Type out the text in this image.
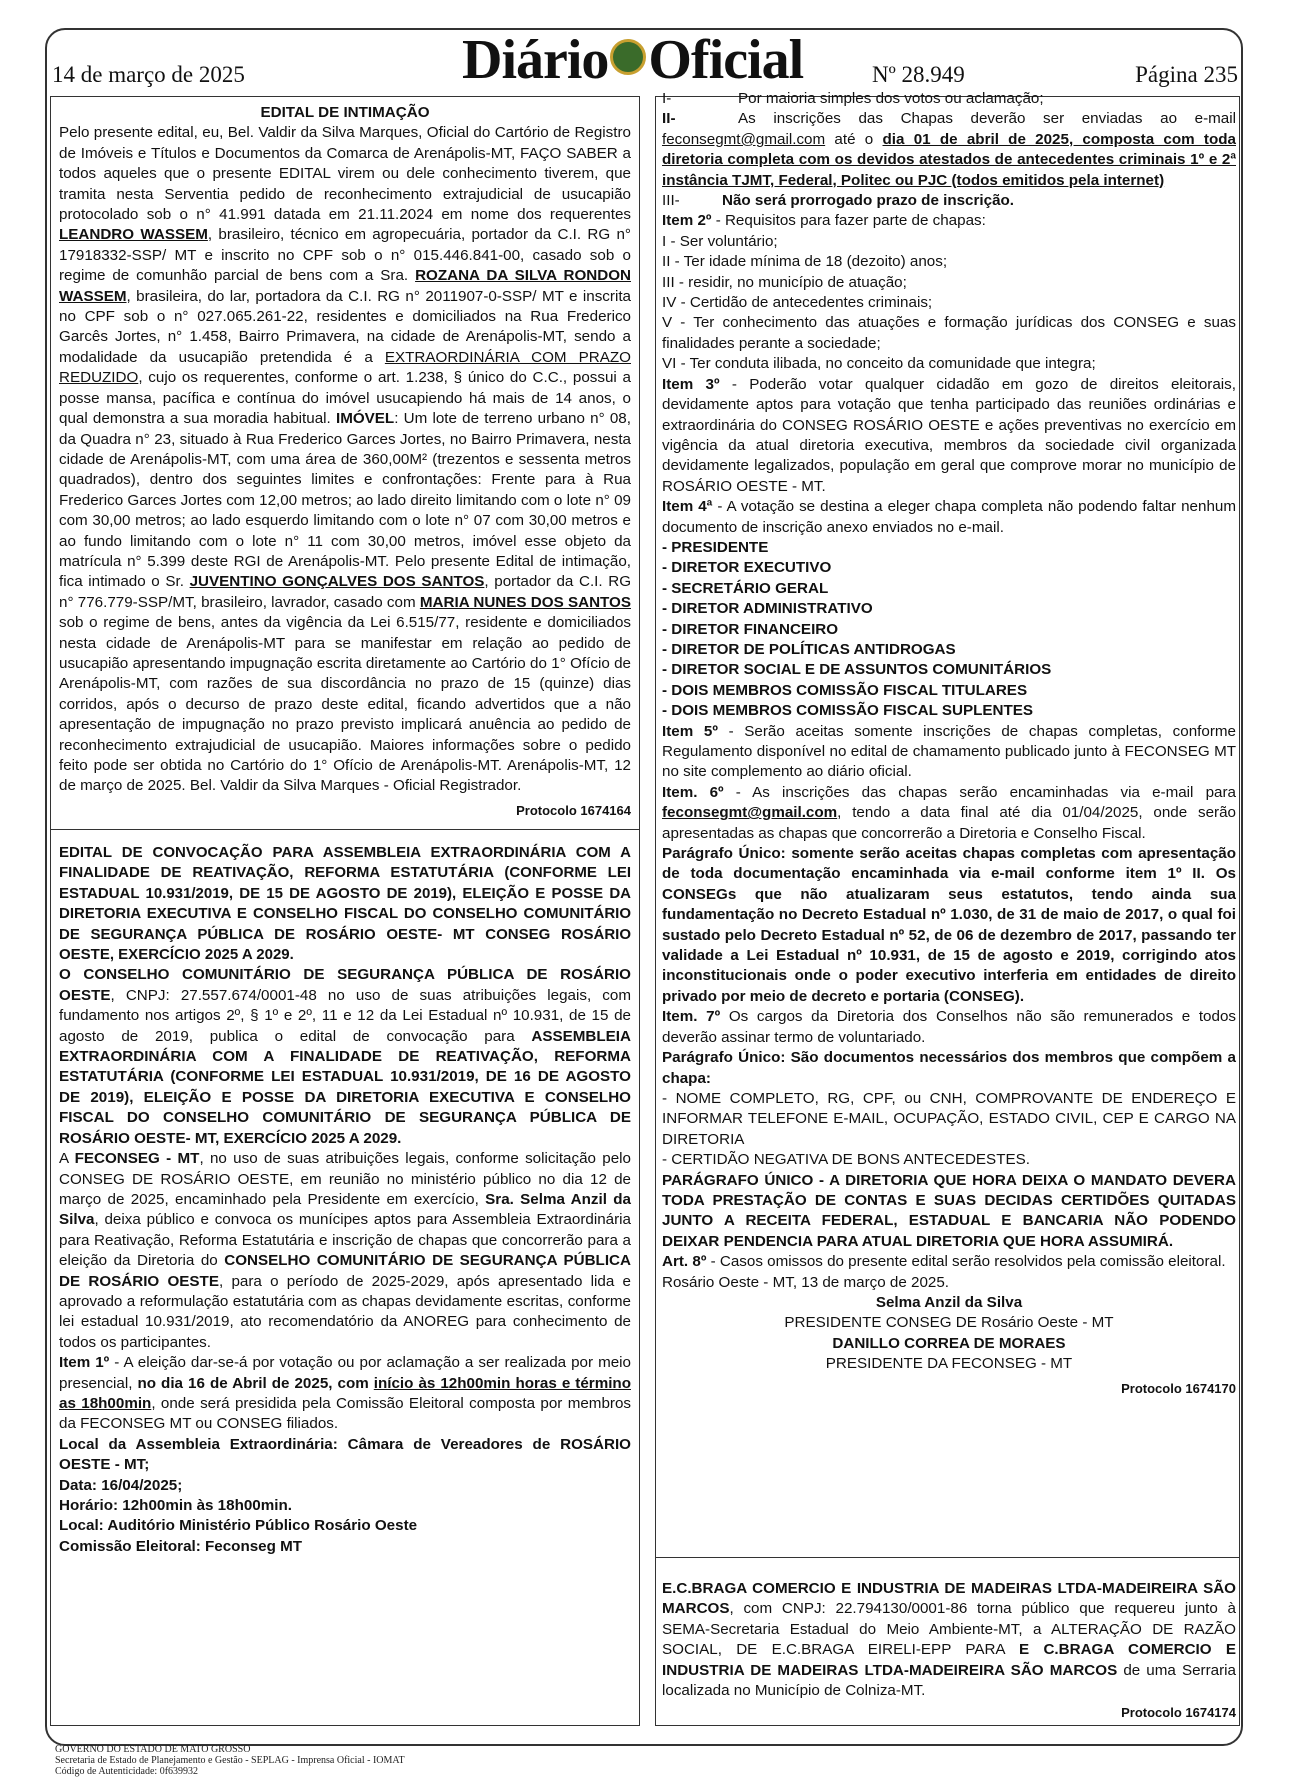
14 de março de 2025	Diário Oficial	Nº 28.949	Página 235

EDITAL DE INTIMAÇÃO

Pelo presente edital, eu, Bel. Valdir da Silva Marques, Oficial do Cartório de Registro de Imóveis e Títulos e Documentos da Comarca de Arenápolis-MT, FAÇO SABER a todos aqueles que o presente EDITAL virem ou dele conhecimento tiverem, que tramita nesta Serventia pedido de reconhecimento extrajudicial de usucapião protocolado sob o n° 41.991 datada em 21.11.2024 em nome dos requerentes LEANDRO WASSEM, brasileiro, técnico em agropecuária, portador da C.I. RG n° 17918332-SSP/ MT e inscrito no CPF sob o n° 015.446.841-00, casado sob o regime de comunhão parcial de bens com a Sra. ROZANA DA SILVA RONDON WASSEM, brasileira, do lar, portadora da C.I. RG n° 2011907-0-SSP/ MT e inscrita no CPF sob o n° 027.065.261-22, residentes e domiciliados na Rua Frederico Garcês Jortes, n° 1.458, Bairro Primavera, na cidade de Arenápolis-MT, sendo a modalidade da usucapião pretendida é a EXTRAORDINÁRIA COM PRAZO REDUZIDO, cujo os requerentes, conforme o art. 1.238, § único do C.C., possui a posse mansa, pacífica e contínua do imóvel usucapiendo há mais de 14 anos, o qual demonstra a sua moradia habitual. IMÓVEL: Um lote de terreno urbano n° 08, da Quadra n° 23, situado à Rua Frederico Garces Jortes, no Bairro Primavera, nesta cidade de Arenápolis-MT, com uma área de 360,00M² (trezentos e sessenta metros quadrados), dentro dos seguintes limites e confrontações: Frente para à Rua Frederico Garces Jortes com 12,00 metros; ao lado direito limitando com o lote n° 09 com 30,00 metros; ao lado esquerdo limitando com o lote n° 07 com 30,00 metros e ao fundo limitando com o lote n° 11 com 30,00 metros, imóvel esse objeto da matrícula n° 5.399 deste RGI de Arenápolis-MT. Pelo presente Edital de intimação, fica intimado o Sr. JUVENTINO GONÇALVES DOS SANTOS, portador da C.I. RG n° 776.779-SSP/MT, brasileiro, lavrador, casado com MARIA NUNES DOS SANTOS sob o regime de bens, antes da vigência da Lei 6.515/77, residente e domiciliados nesta cidade de Arenápolis-MT para se manifestar em relação ao pedido de usucapião apresentando impugnação escrita diretamente ao Cartório do 1° Ofício de Arenápolis-MT, com razões de sua discordância no prazo de 15 (quinze) dias corridos, após o decurso de prazo deste edital, ficando advertidos que a não apresentação de impugnação no prazo previsto implicará anuência ao pedido de reconhecimento extrajudicial de usucapião. Maiores informações sobre o pedido feito pode ser obtida no Cartório do 1° Ofício de Arenápolis-MT. Arenápolis-MT, 12 de março de 2025. Bel. Valdir da Silva Marques - Oficial Registrador.

Protocolo 1674164

EDITAL DE CONVOCAÇÃO PARA ASSEMBLEIA EXTRAORDINÁRIA COM A FINALIDADE DE REATIVAÇÃO, REFORMA ESTATUTÁRIA (CONFORME LEI ESTADUAL 10.931/2019, DE 15 DE AGOSTO DE 2019), ELEIÇÃO E POSSE DA DIRETORIA EXECUTIVA E CONSELHO FISCAL DO CONSELHO COMUNITÁRIO DE SEGURANÇA PÚBLICA DE ROSÁRIO OESTE- MT CONSEG ROSÁRIO OESTE, EXERCÍCIO 2025 A 2029.

O CONSELHO COMUNITÁRIO DE SEGURANÇA PÚBLICA DE ROSÁRIO OESTE, CNPJ: 27.557.674/0001-48 no uso de suas atribuições legais, com fundamento nos artigos 2º, § 1º e 2º, 11 e 12 da Lei Estadual nº 10.931, de 15 de agosto de 2019, publica o edital de convocação para ASSEMBLEIA EXTRAORDINÁRIA COM A FINALIDADE DE REATIVAÇÃO, REFORMA ESTATUTÁRIA (CONFORME LEI ESTADUAL 10.931/2019, DE 16 DE AGOSTO DE 2019), ELEIÇÃO E POSSE DA DIRETORIA EXECUTIVA E CONSELHO FISCAL DO CONSELHO COMUNITÁRIO DE SEGURANÇA PÚBLICA DE ROSÁRIO OESTE- MT, EXERCÍCIO 2025 A 2029.

A FECONSEG - MT, no uso de suas atribuições legais, conforme solicitação pelo CONSEG DE ROSÁRIO OESTE, em reunião no ministério público no dia 12 de março de 2025, encaminhado pela Presidente em exercício, Sra. Selma Anzil da Silva, deixa público e convoca os munícipes aptos para Assembleia Extraordinária para Reativação, Reforma Estatutária e inscrição de chapas que concorrerão para a eleição da Diretoria do CONSELHO COMUNITÁRIO DE SEGURANÇA PÚBLICA DE ROSÁRIO OESTE, para o período de 2025-2029, após apresentado lida e aprovado a reformulação estatutária com as chapas devidamente escritas, conforme lei estadual 10.931/2019, ato recomendatório da ANOREG para conhecimento de todos os participantes.

Item 1º - A eleição dar-se-á por votação ou por aclamação a ser realizada por meio presencial, no dia 16 de Abril de 2025, com início às 12h00min horas e término as 18h00min, onde será presidida pela Comissão Eleitoral composta por membros da FECONSEG MT ou CONSEG filiados.

Local da Assembleia Extraordinária: Câmara de Vereadores de ROSÁRIO OESTE - MT;

Data: 16/04/2025;

Horário: 12h00min às 18h00min.

Local: Auditório Ministério Público Rosário Oeste

Comissão Eleitoral: Feconseg MT

I-	Por maioria simples dos votos ou aclamação;

II-	As inscrições das Chapas deverão ser enviadas ao e-mail feconsegmt@gmail.com até o dia 01 de abril de 2025, composta com toda diretoria completa com os devidos atestados de antecedentes criminais 1º e 2ª instância TJMT, Federal, Politec ou PJC (todos emitidos pela internet)

III-	Não será prorrogado prazo de inscrição.

Item 2º - Requisitos para fazer parte de chapas:

I - Ser voluntário;

II - Ter idade mínima de 18 (dezoito) anos;

III - residir, no município de atuação;

IV - Certidão de antecedentes criminais;

V - Ter conhecimento das atuações e formação jurídicas dos CONSEG e suas finalidades perante a sociedade;

VI - Ter conduta ilibada, no conceito da comunidade que integra;

Item 3º - Poderão votar qualquer cidadão em gozo de direitos eleitorais, devidamente aptos para votação que tenha participado das reuniões ordinárias e extraordinária do CONSEG ROSÁRIO OESTE e ações preventivas no exercício em vigência da atual diretoria executiva, membros da sociedade civil organizada devidamente legalizados, população em geral que comprove morar no município de ROSÁRIO OESTE - MT.

Item 4ª - A votação se destina a eleger chapa completa não podendo faltar nenhum documento de inscrição anexo enviados no e-mail.

- PRESIDENTE

- DIRETOR EXECUTIVO

- SECRETÁRIO GERAL

- DIRETOR ADMINISTRATIVO

- DIRETOR FINANCEIRO

- DIRETOR DE POLÍTICAS ANTIDROGAS

- DIRETOR SOCIAL E DE ASSUNTOS COMUNITÁRIOS

- DOIS MEMBROS COMISSÃO FISCAL TITULARES

- DOIS MEMBROS COMISSÃO FISCAL SUPLENTES

Item 5º - Serão aceitas somente inscrições de chapas completas, conforme Regulamento disponível no edital de chamamento publicado junto à FECONSEG MT no site complemento ao diário oficial.

Item. 6º - As inscrições das chapas serão encaminhadas via e-mail para feconsegmt@gmail.com, tendo a data final até dia 01/04/2025, onde serão apresentadas as chapas que concorrerão a Diretoria e Conselho Fiscal.

Parágrafo Único: somente serão aceitas chapas completas com apresentação de toda documentação encaminhada via e-mail conforme item 1º II. Os CONSEGs que não atualizaram seus estatutos, tendo ainda sua fundamentação no Decreto Estadual nº 1.030, de 31 de maio de 2017, o qual foi sustado pelo Decreto Estadual nº 52, de 06 de dezembro de 2017, passando ter validade a Lei Estadual nº 10.931, de 15 de agosto e 2019, corrigindo atos inconstitucionais onde o poder executivo interferia em entidades de direito privado por meio de decreto e portaria (CONSEG).

Item. 7º Os cargos da Diretoria dos Conselhos não são remunerados e todos deverão assinar termo de voluntariado.

Parágrafo Único: São documentos necessários dos membros que compõem a chapa:

- NOME COMPLETO, RG, CPF, ou CNH, COMPROVANTE DE ENDEREÇO E INFORMAR TELEFONE E-MAIL, OCUPAÇÃO, ESTADO CIVIL, CEP E CARGO NA DIRETORIA

- CERTIDÃO NEGATIVA DE BONS ANTECEDESTES.

PARÁGRAFO ÚNICO - A DIRETORIA QUE HORA DEIXA O MANDATO DEVERA TODA PRESTAÇÃO DE CONTAS E SUAS DECIDAS CERTIDÕES QUITADAS JUNTO A RECEITA FEDERAL, ESTADUAL E BANCARIA NÃO PODENDO DEIXAR PENDENCIA PARA ATUAL DIRETORIA QUE HORA ASSUMIRÁ.

Art. 8º - Casos omissos do presente edital serão resolvidos pela comissão eleitoral.

Rosário Oeste - MT, 13 de março de 2025.

Selma Anzil da Silva

PRESIDENTE CONSEG DE Rosário Oeste - MT

DANILLO CORREA DE MORAES

PRESIDENTE DA FECONSEG - MT

Protocolo 1674170

E.C.BRAGA COMERCIO E INDUSTRIA DE MADEIRAS LTDA-MADEIREIRA SÃO MARCOS, com CNPJ: 22.794130/0001-86 torna público que requereu junto à SEMA-Secretaria Estadual do Meio Ambiente-MT, a ALTERAÇÃO DE RAZÃO SOCIAL, DE E.C.BRAGA EIRELI-EPP PARA E C.BRAGA COMERCIO E INDUSTRIA DE MADEIRAS LTDA-MADEIREIRA SÃO MARCOS de uma Serraria localizada no Município de Colniza-MT.

Protocolo 1674174

GOVERNO DO ESTADO DE MATO GROSSO
Secretaria de Estado de Planejamento e Gestão - SEPLAG - Imprensa Oficial - IOMAT
Código de Autenticidade: 0f639932
